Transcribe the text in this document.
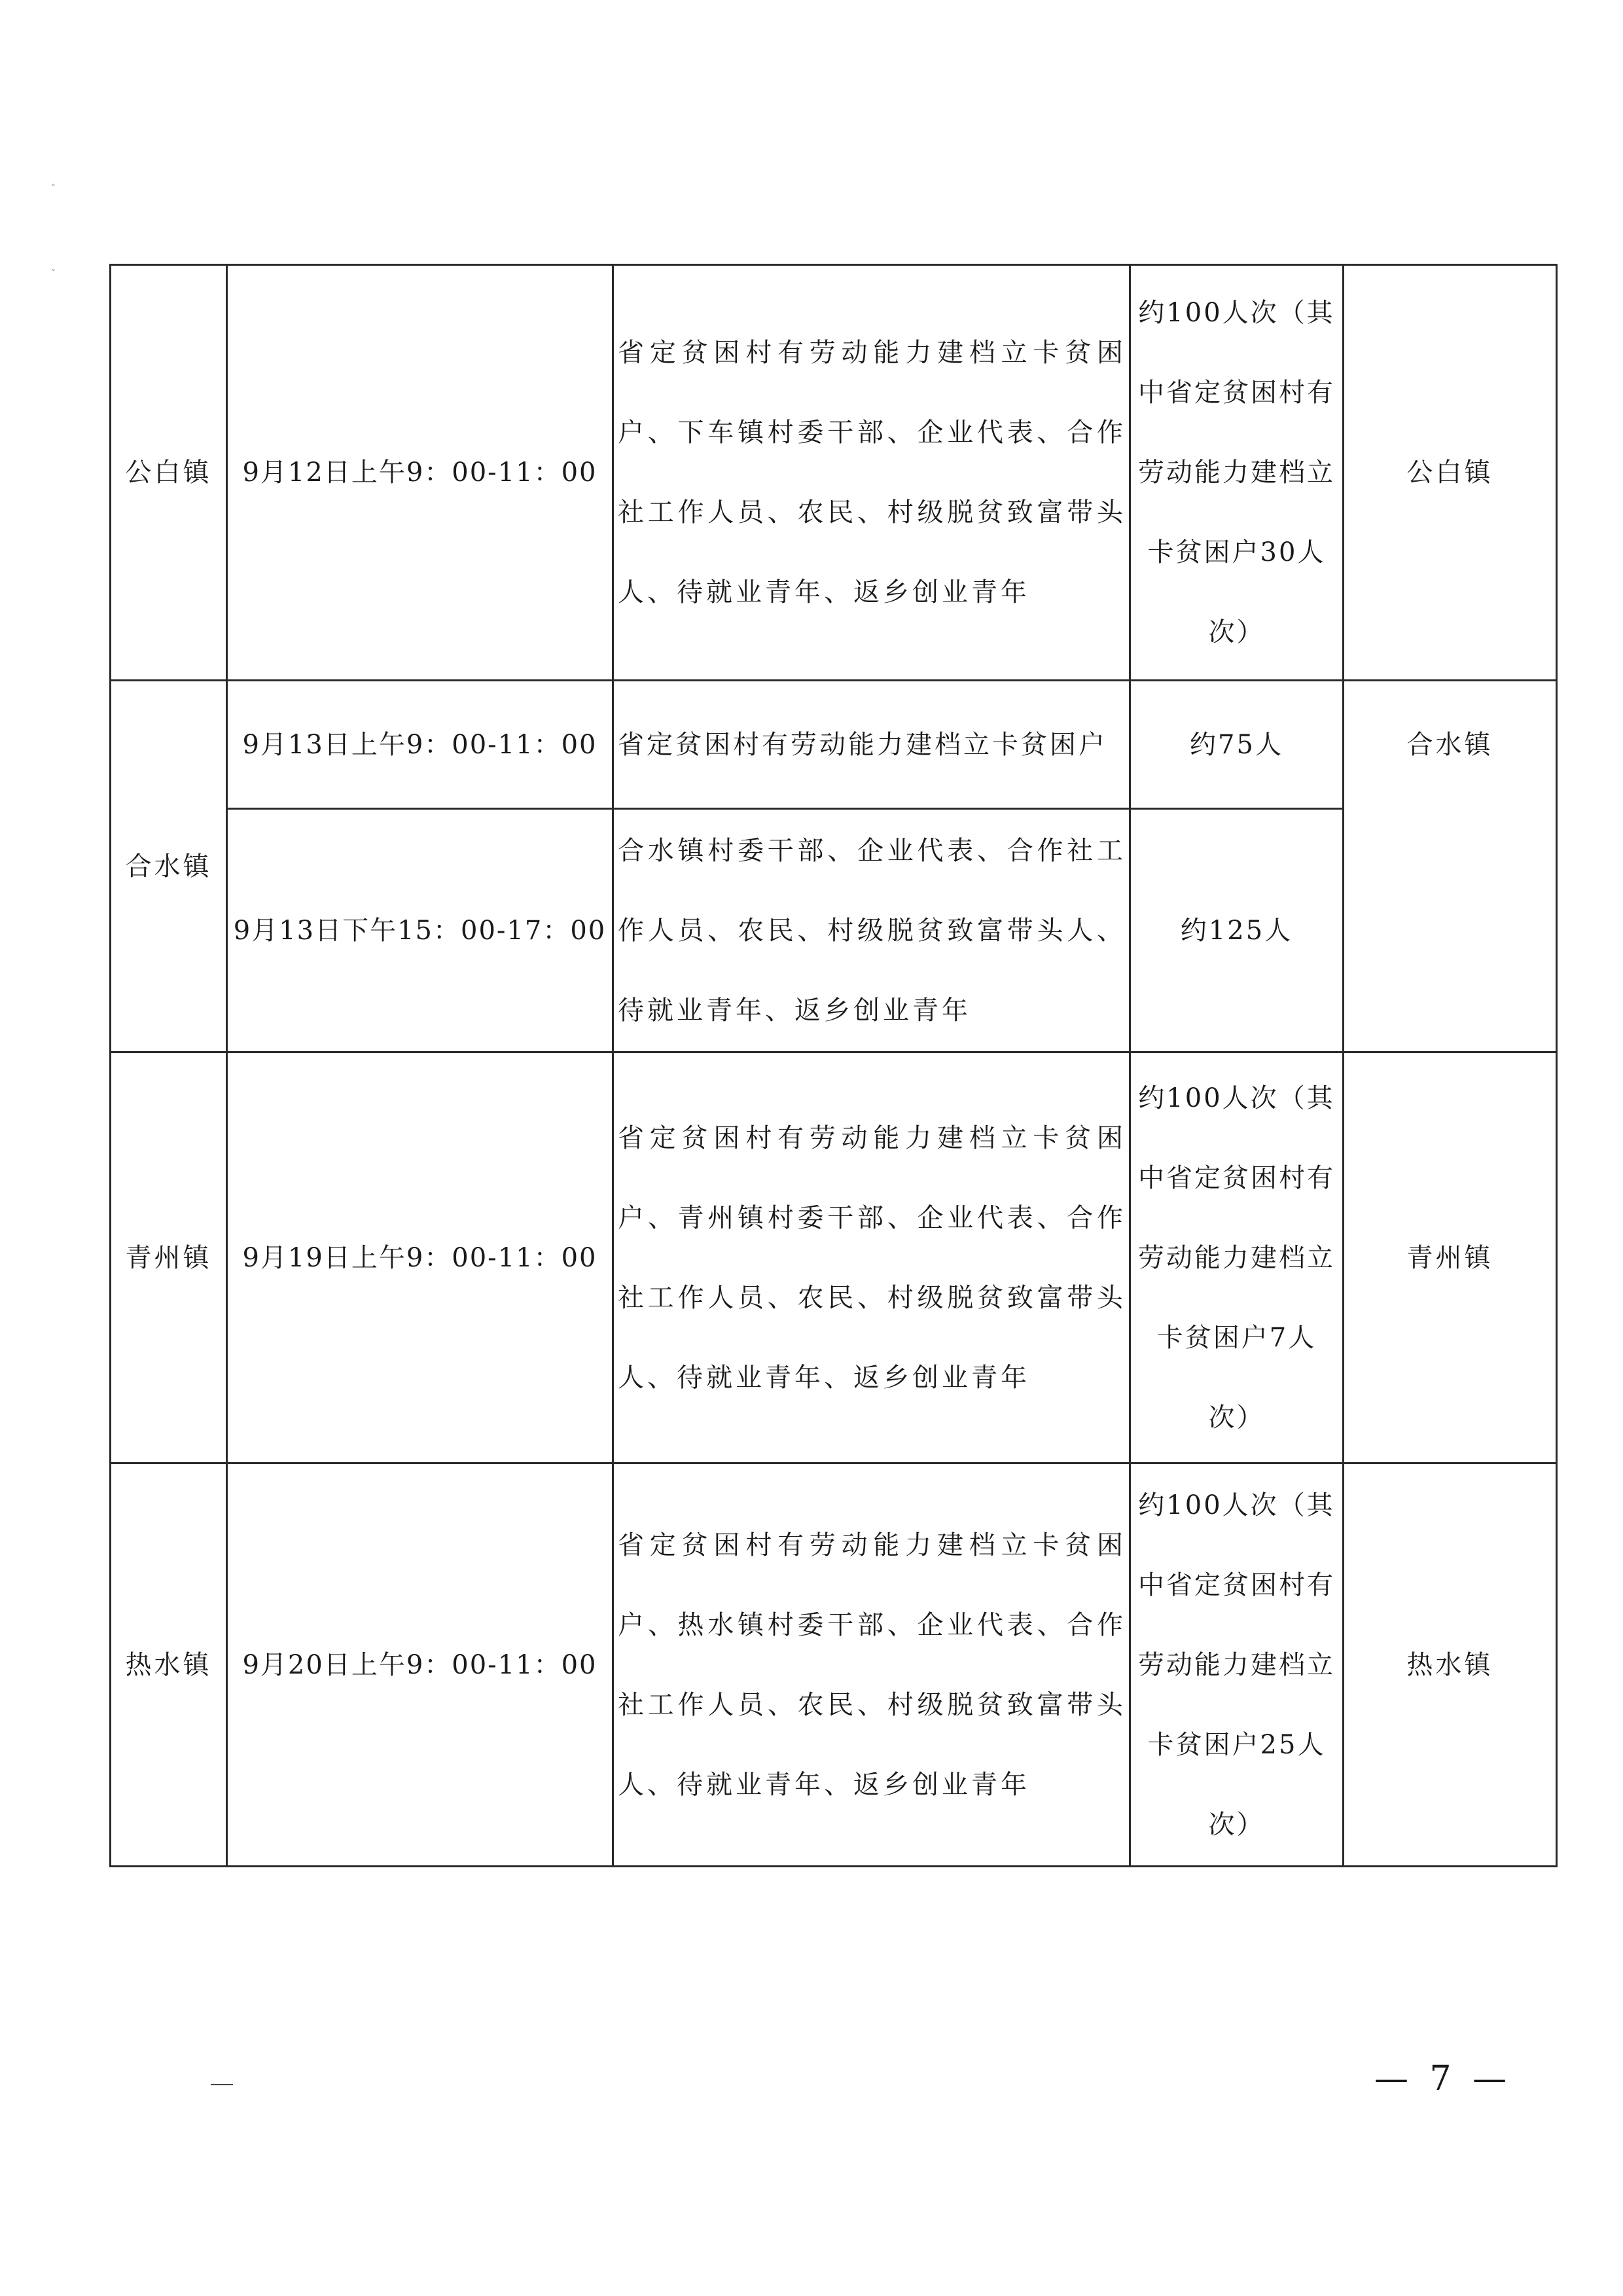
˄
˅
公白镇	9月12日上午9：00-11：00	省定贫困村有劳动能力建档立卡贫困户、下车镇村委干部、企业代表、合作社工作人员、农民、村级脱贫致富带头人、待就业青年、返乡创业青年	约100人次（其中省定贫困村有劳动能力建档立卡贫困户30人次）	公白镇
合水镇	9月13日上午9：00-11：00	省定贫困村有劳动能力建档立卡贫困户	约75人	合水镇
	9月13日下午15：00-17：00	合水镇村委干部、企业代表、合作社工作人员、农民、村级脱贫致富带头人、待就业青年、返乡创业青年	约125人	
青州镇	9月19日上午9：00-11：00	省定贫困村有劳动能力建档立卡贫困户、青州镇村委干部、企业代表、合作社工作人员、农民、村级脱贫致富带头人、待就业青年、返乡创业青年	约100人次（其中省定贫困村有劳动能力建档立卡贫困户7人次）	青州镇
热水镇	9月20日上午9：00-11：00	省定贫困村有劳动能力建档立卡贫困户、热水镇村委干部、企业代表、合作社工作人员、农民、村级脱贫致富带头人、待就业青年、返乡创业青年	约100人次（其中省定贫困村有劳动能力建档立卡贫困户25人次）	热水镇
— 7 —
